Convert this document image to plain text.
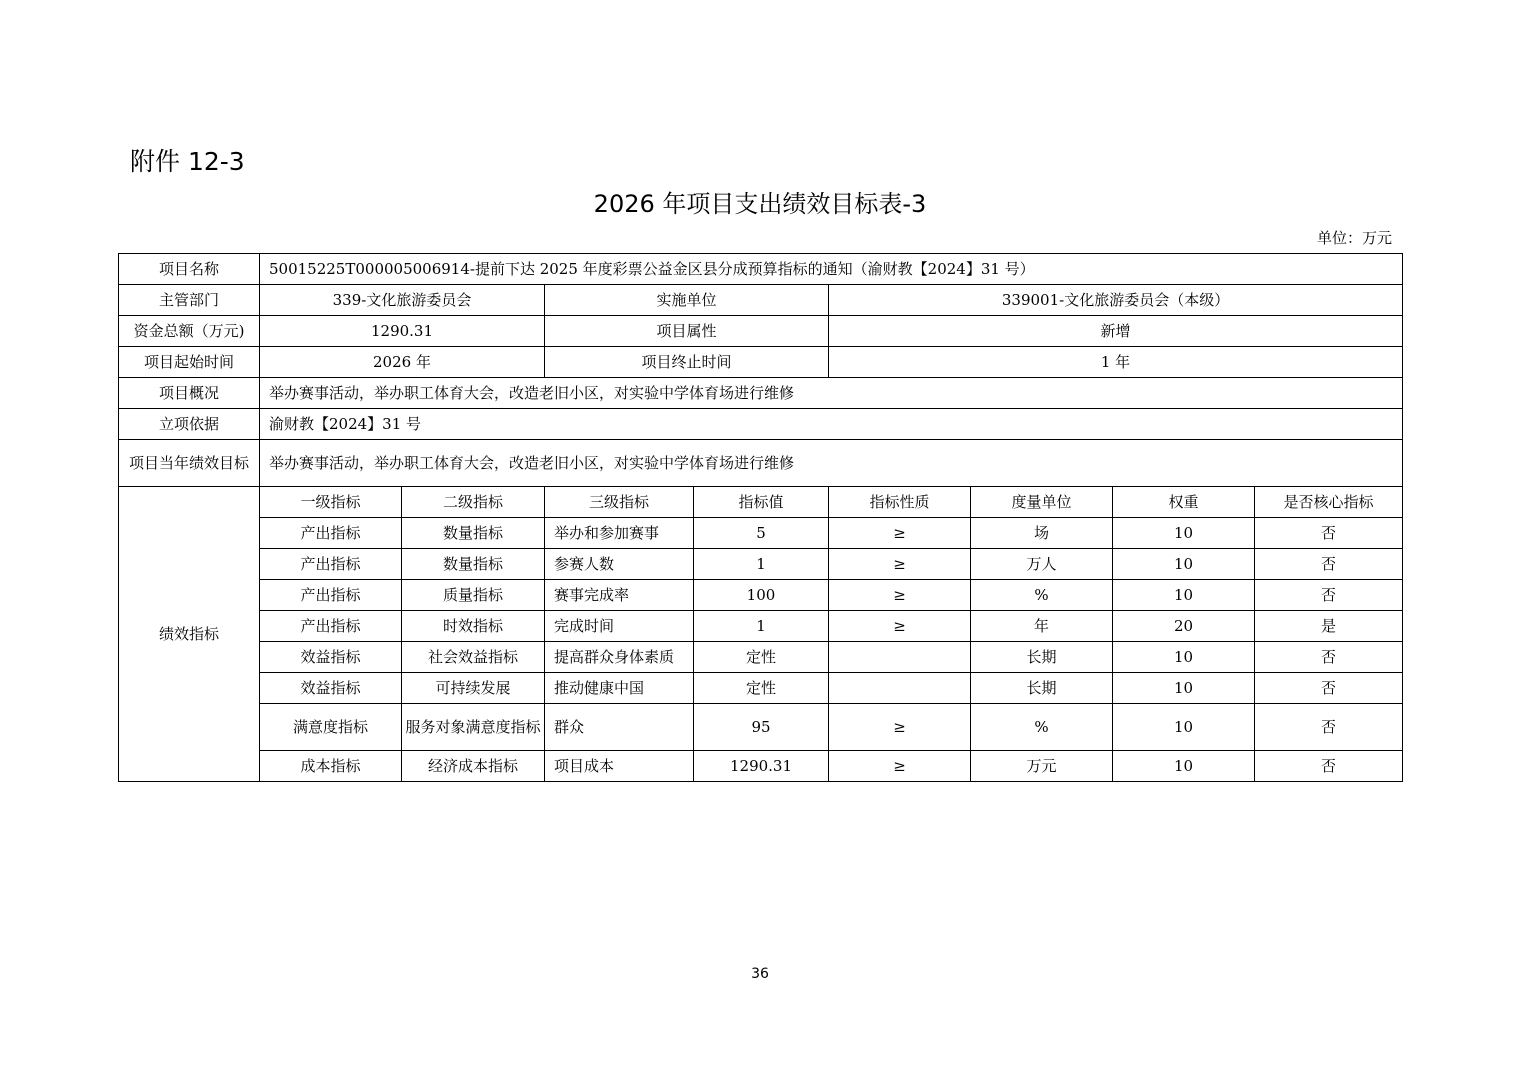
附件 12-3
2026 年项目支出绩效目标表-3
单位：万元
项目名称	50015225T000005006914-提前下达 2025 年度彩票公益金区县分成预算指标的通知（渝财教【2024】31 号）							
主管部门	339-文化旅游委员会		实施单位		339001-文化旅游委员会（本级）			
资金总额（万元)	1290.31		项目属性		新增			
项目起始时间	2026 年		项目终止时间		1 年			
项目概况	举办赛事活动，举办职工体育大会，改造老旧小区，对实验中学体育场进行维修							
立项依据	渝财教【2024】31 号							
项目当年绩效目标	举办赛事活动，举办职工体育大会，改造老旧小区，对实验中学体育场进行维修							
绩效指标	一级指标	二级指标	三级指标	指标值	指标性质	度量单位	权重	是否核心指标
	产出指标	数量指标	举办和参加赛事	5	≥	场	10	否
	产出指标	数量指标	参赛人数	1	≥	万人	10	否
	产出指标	质量指标	赛事完成率	100	≥	%	10	否
	产出指标	时效指标	完成时间	1	≥	年	20	是
	效益指标	社会效益指标	提高群众身体素质	定性		长期	10	否
	效益指标	可持续发展	推动健康中国	定性		长期	10	否
	满意度指标	服务对象满意度指标	群众	95	≥	%	10	否
	成本指标	经济成本指标	项目成本	1290.31	≥	万元	10	否
36
